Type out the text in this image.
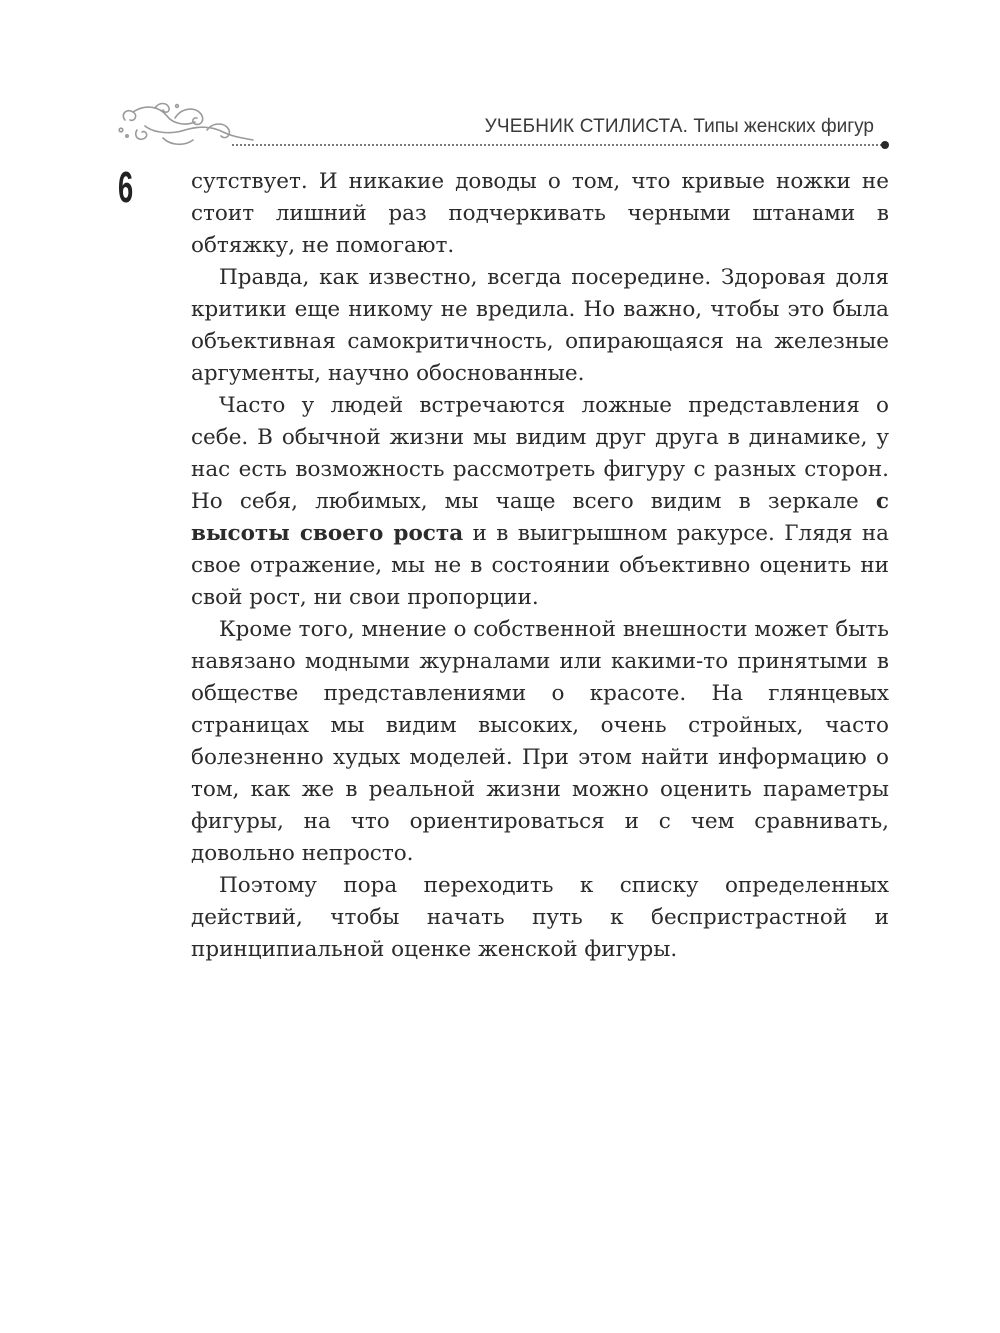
УЧЕБНИК СТИЛИСТА. Типы женских фигур
6	сутствует. И никакие доводы о том, что кривые ножки не стоит лишний раз подчеркивать черными штанами в обтяжку, не помогают.

Правда, как известно, всегда посередине. Здоровая доля критики еще никому не вредила. Но важно, чтобы это была объективная самокритичность, опирающаяся на железные аргументы, научно обоснованные.

Часто у людей встречаются ложные представления о себе. В обычной жизни мы видим друг друга в динамике, у нас есть возможность рассмотреть фигуру с разных сторон. Но себя, любимых, мы чаще всего видим в зеркале с высоты своего роста и в выигрышном ракурсе. Глядя на свое отражение, мы не в состоянии объективно оценить ни свой рост, ни свои пропорции.

Кроме того, мнение о собственной внешности может быть навязано модными журналами или какими-то принятыми в обществе представлениями о красоте. На глянцевых страницах мы видим высоких, очень стройных, часто болезненно худых моделей. При этом найти информацию о том, как же в реальной жизни можно оценить параметры фигуры, на что ориентироваться и с чем сравнивать, довольно непросто.

Поэтому пора переходить к списку определенных действий, чтобы начать путь к беспристрастной и принципиальной оценке женской фигуры.
